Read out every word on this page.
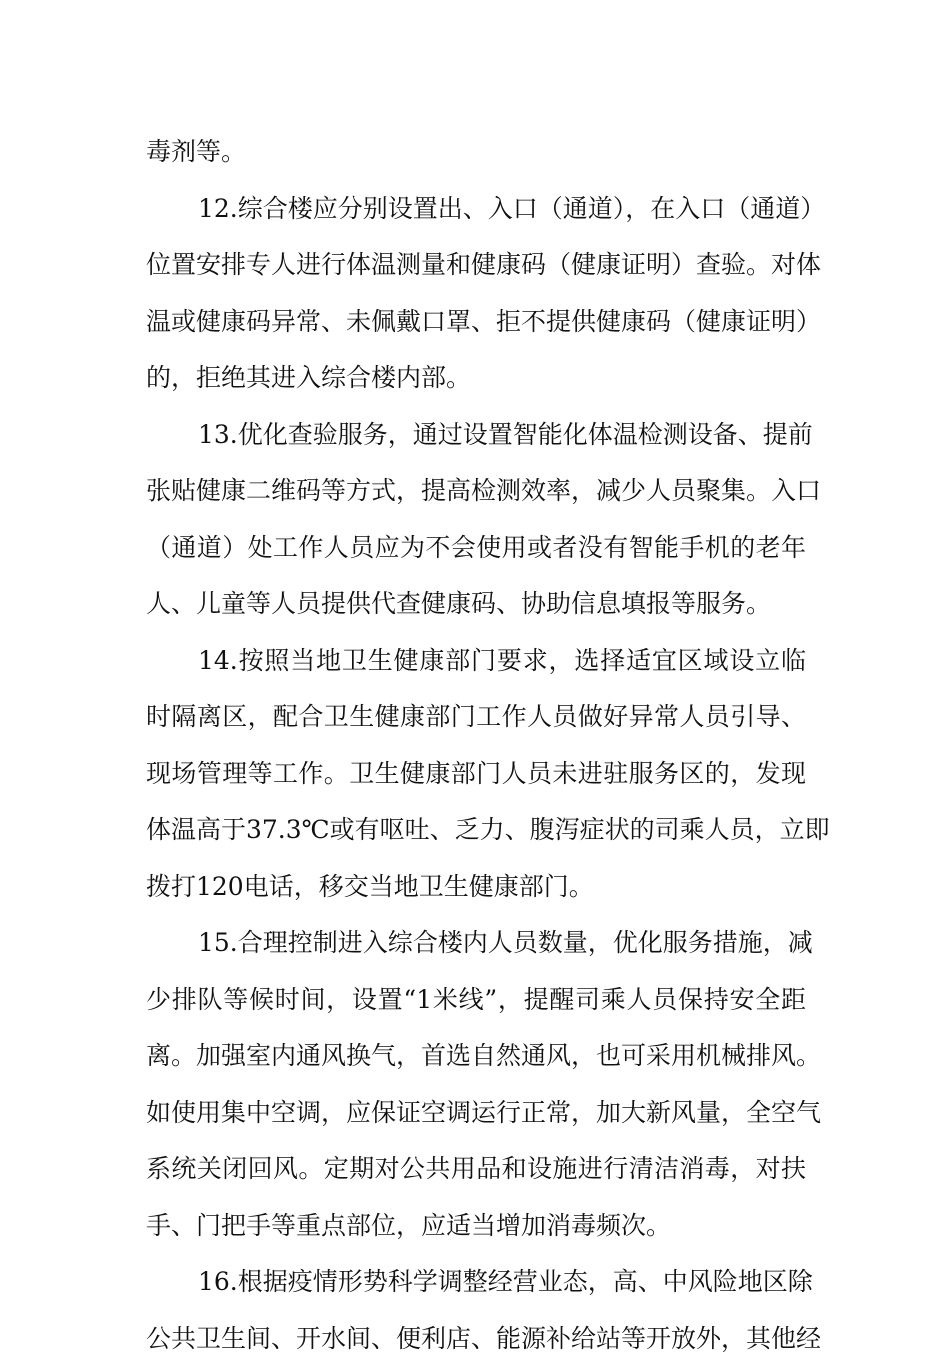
毒剂等。
12.综合楼应分别设置出、入口（通道），在入口（通道）
位置安排专人进行体温测量和健康码（健康证明）查验。对体
温或健康码异常、未佩戴口罩、拒不提供健康码（健康证明）
的，拒绝其进入综合楼内部。
13.优化查验服务，通过设置智能化体温检测设备、提前
张贴健康二维码等方式，提高检测效率，减少人员聚集。入口
（通道）处工作人员应为不会使用或者没有智能手机的老年
人、儿童等人员提供代查健康码、协助信息填报等服务。
14.按照当地卫生健康部门要求，选择适宜区域设立临
时隔离区，配合卫生健康部门工作人员做好异常人员引导、
现场管理等工作。卫生健康部门人员未进驻服务区的，发现
体温高于37.3℃或有呕吐、乏力、腹泻症状的司乘人员，立即
拨打120电话，移交当地卫生健康部门。
15.合理控制进入综合楼内人员数量，优化服务措施，减
少排队等候时间，设置“1米线”，提醒司乘人员保持安全距
离。加强室内通风换气，首选自然通风，也可采用机械排风。
如使用集中空调，应保证空调运行正常，加大新风量，全空气
系统关闭回风。定期对公共用品和设施进行清洁消毒，对扶
手、门把手等重点部位，应适当增加消毒频次。
16.根据疫情形势科学调整经营业态，高、中风险地区除
公共卫生间、开水间、便利店、能源补给站等开放外，其他经
